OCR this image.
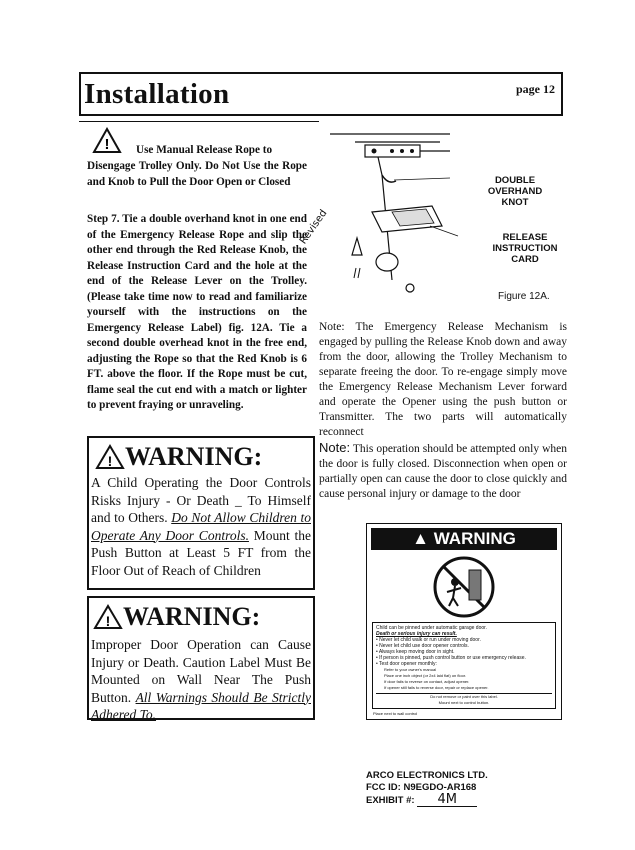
Installation	page 12
! Use Manual Release Rope to
Disengage Trolley Only. Do Not Use the Rope and Knob to Pull the Door Open or Closed
Step 7. Tie a double overhand knot in one end of the Emergency Release Rope and slip the other end through the Red Release Knob, the Release Instruction Card and the hole at the end of the Release Lever on the Trolley. (Please take time now to read and familiarize yourself with the instructions on the Emergency Release Label) fig. 12A. Tie a second double overhead knot in the free end, adjusting the Rope so that the Red Knob is 6 FT. above the floor. If the Rope must be cut, flame seal the cut end with a match or lighter to prevent fraying or unraveling.
! WARNING:
A Child Operating the Door Controls Risks Injury - Or Death _ To Himself and to Others. Do Not Allow Children to Operate Any Door Controls. Mount the Push Button at Least 5 FT from the Floor Out of Reach of Children
! WARNING:
Improper Door Operation can Cause Injury or Death. Caution Label Must Be Mounted on Wall Near The Push Button. All Warnings Should Be Strictly Adhered To.
Revised
DOUBLE OVERHAND KNOT
RELEASE INSTRUCTION CARD
Figure 12A.
Note: The Emergency Release Mechanism is engaged by pulling the Release Knob down and away from the door, allowing the Trolley Mechanism to separate freeing the door. To re-engage simply move the Emergency Release Mechanism Lever forward and operate the Opener using the push button or Transmitter. The two parts will automatically reconnect
Note: This operation should be attempted only when the door is fully closed. Disconnection when open or partially open can cause the door to close quickly and cause personal injury or damage to the door
▲ WARNING
Child can be pinned under automatic garage door.
Death or serious injury can result.
• Never let child walk or run under moving door.
• Never let child use door opener controls.
• Always keep moving door in sight.
• If person is pinned, push control button or use emergency release.
• Test door opener monthly:
Refer to your owner's manual
Place one inch object (or 2x4 laid flat) on floor.
If door fails to reverse on contact, adjust opener.
If opener still fails to reverse door, repair or replace opener.
Do not remove or paint over this label.
Mount next to control button.
Place next to wall control
ARCO ELECTRONICS LTD.
FCC ID: N9EGDO-AR168
EXHIBIT #: 4M
